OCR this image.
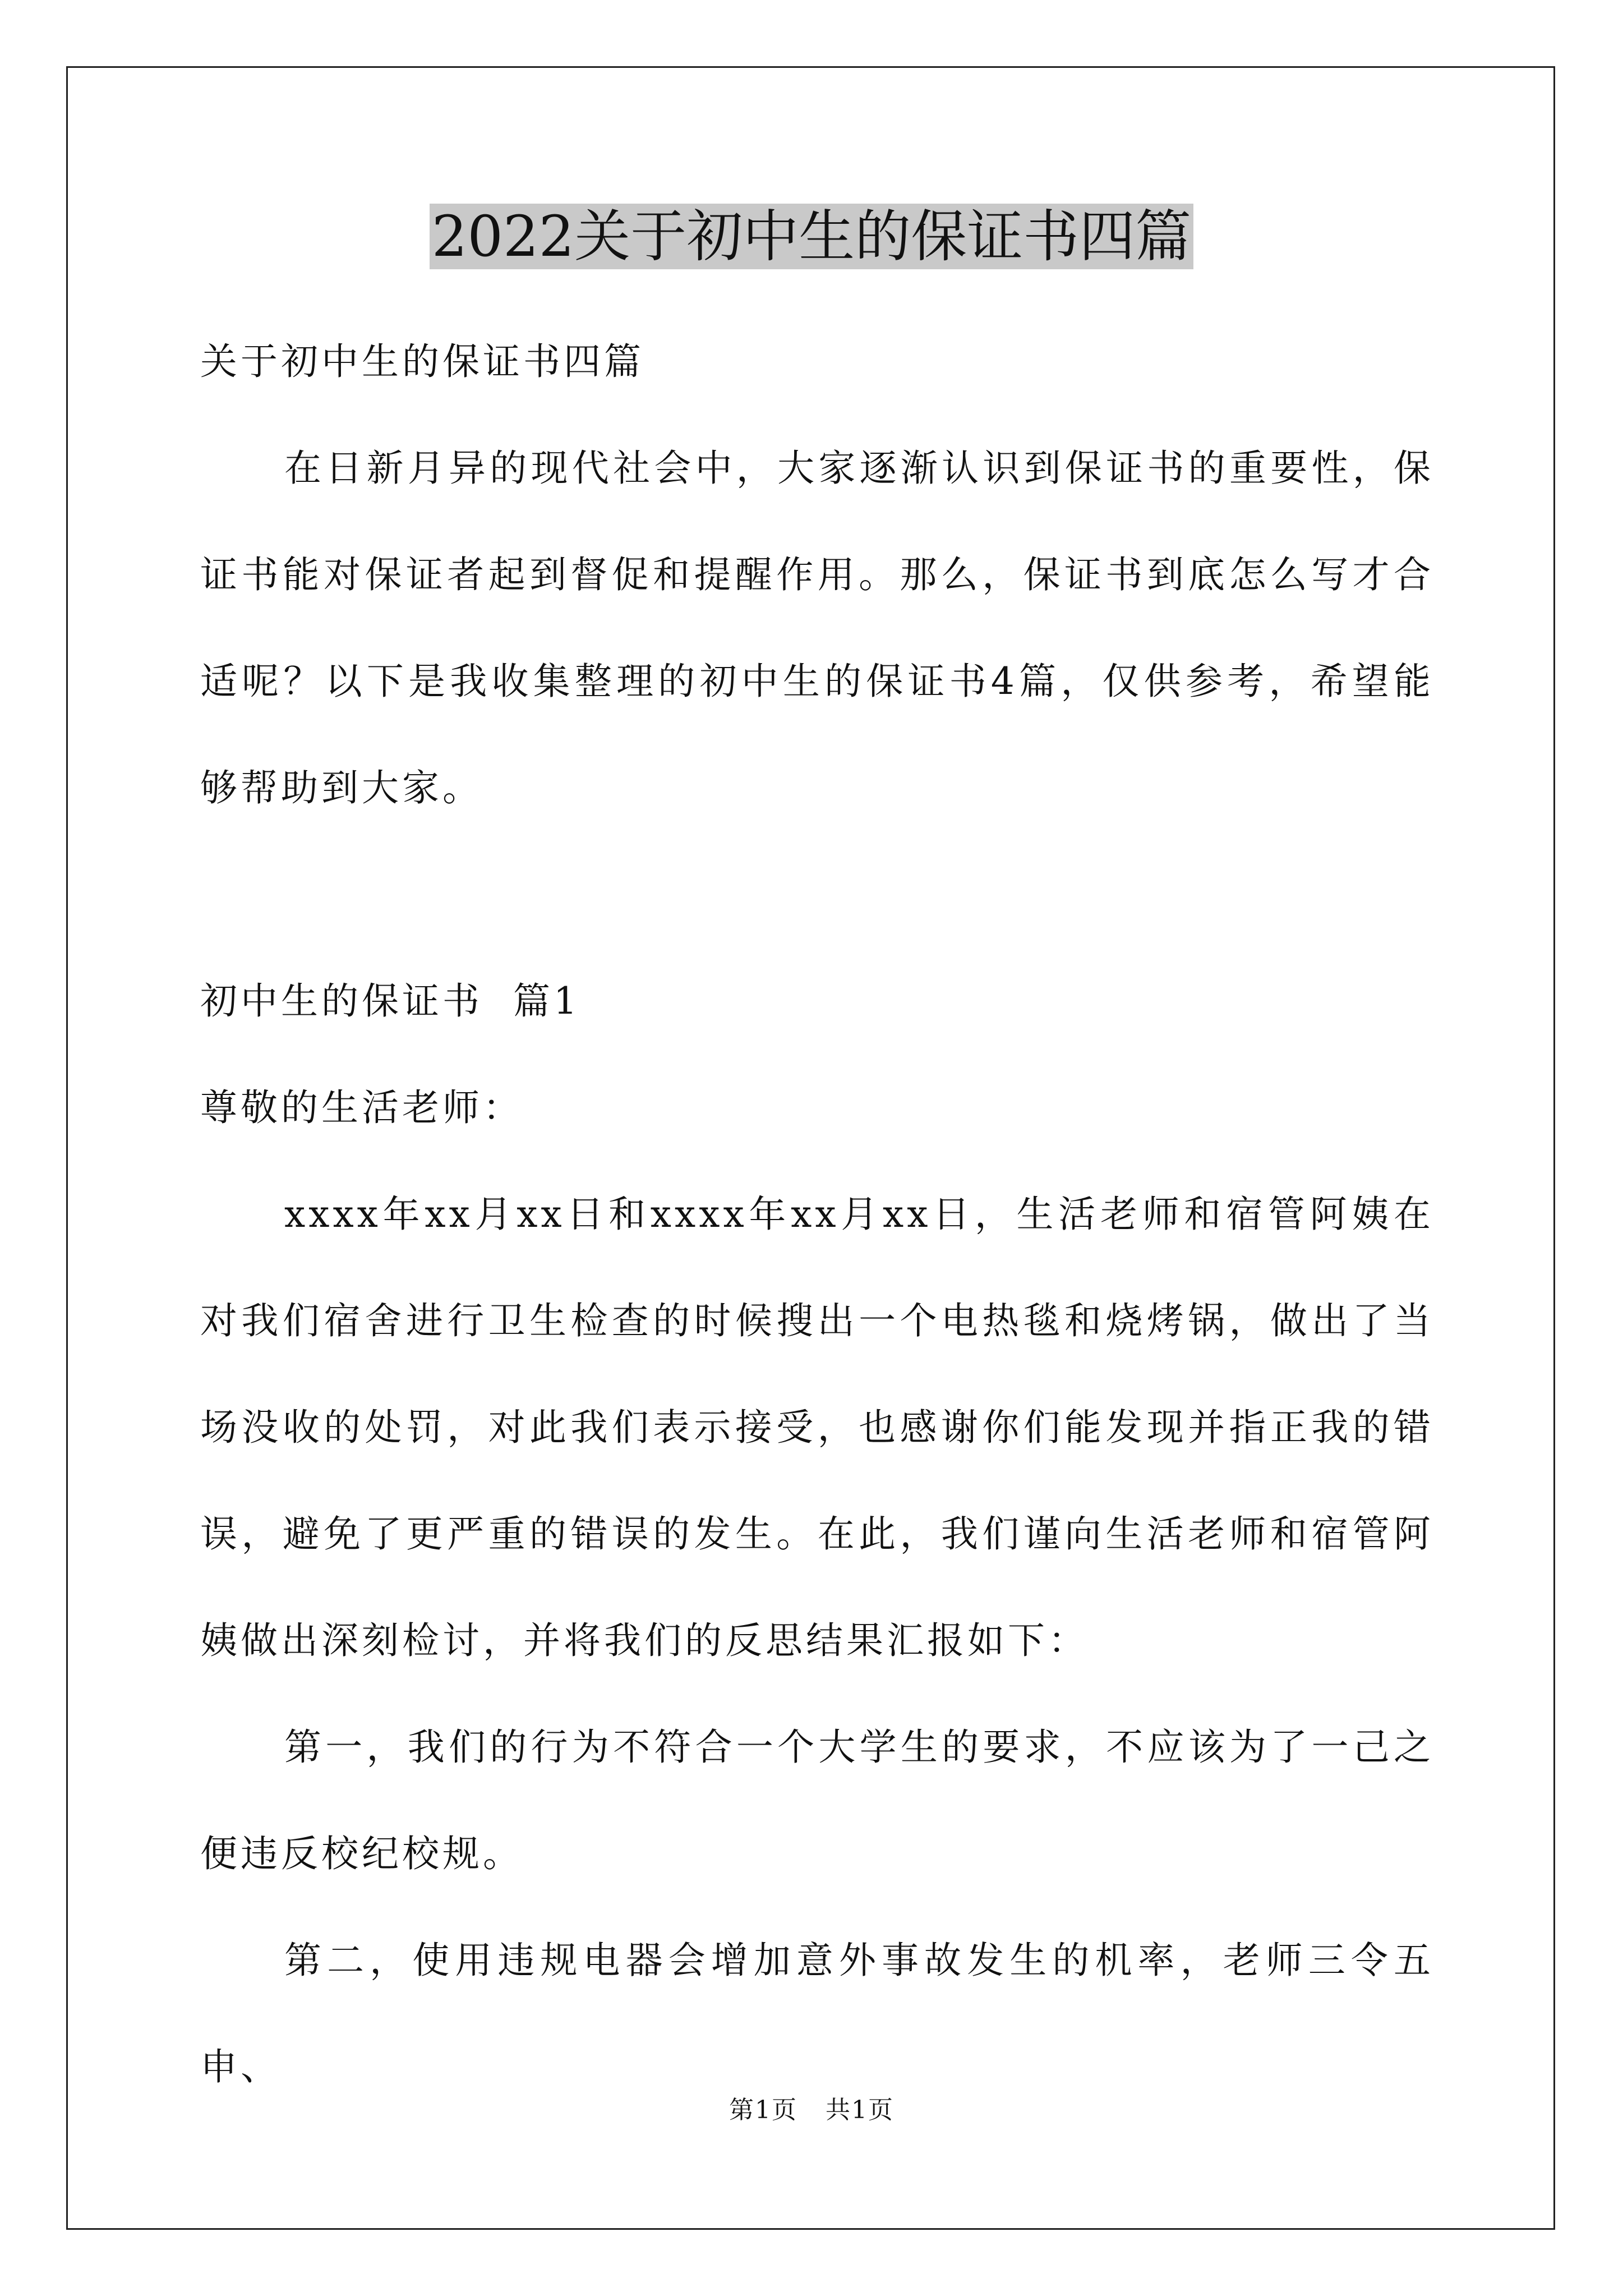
2022关于初中生的保证书四篇

关于初中生的保证书四篇

在日新月异的现代社会中，大家逐渐认识到保证书的重要性，保证书能对保证者起到督促和提醒作用。那么，保证书到底怎么写才合适呢？以下是我收集整理的初中生的保证书4篇，仅供参考，希望能够帮助到大家。

初中生的保证书  篇1

尊敬的生活老师：

xxxx年xx月xx日和xxxx年xx月xx日，生活老师和宿管阿姨在对我们宿舍进行卫生检查的时候搜出一个电热毯和烧烤锅，做出了当场没收的处罚，对此我们表示接受，也感谢你们能发现并指正我的错误，避免了更严重的错误的发生。在此，我们谨向生活老师和宿管阿姨做出深刻检讨，并将我们的反思结果汇报如下：

第一，我们的行为不符合一个大学生的要求，不应该为了一己之便违反校纪校规。

第二，使用违规电器会增加意外事故发生的机率，老师三令五申、

第1页 共1页
